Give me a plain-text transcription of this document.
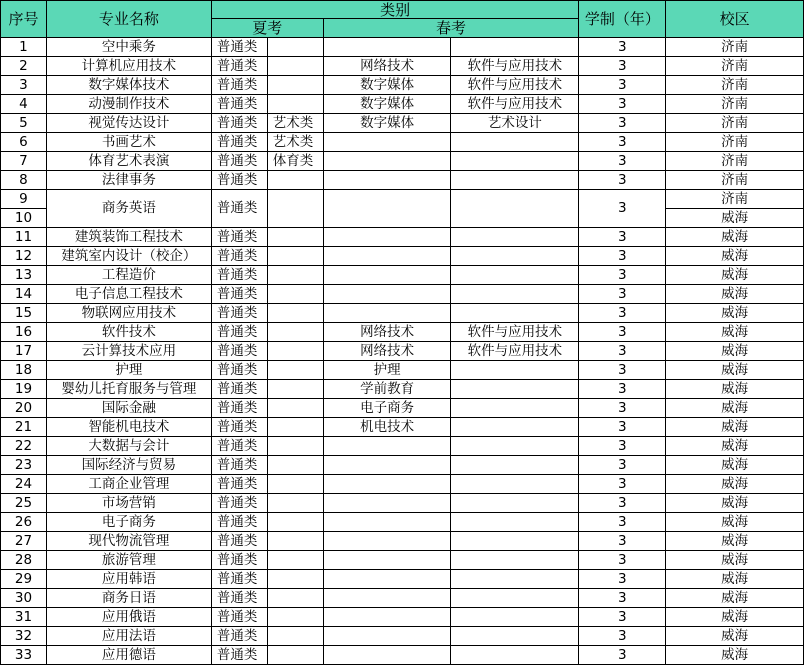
序号	专业名称	类别				学制（年）	校区
		夏考		春考			
1	空中乘务	普通类				3	济南
2	计算机应用技术	普通类		网络技术	软件与应用技术	3	济南
3	数字媒体技术	普通类		数字媒体	软件与应用技术	3	济南
4	动漫制作技术	普通类		数字媒体	软件与应用技术	3	济南
5	视觉传达设计	普通类	艺术类	数字媒体	艺术设计	3	济南
6	书画艺术	普通类	艺术类			3	济南
7	体育艺术表演	普通类	体育类			3	济南
8	法律事务	普通类				3	济南
9	商务英语	普通类				3	济南
10							威海
11	建筑装饰工程技术	普通类				3	威海
12	建筑室内设计（校企）	普通类				3	威海
13	工程造价	普通类				3	威海
14	电子信息工程技术	普通类				3	威海
15	物联网应用技术	普通类				3	威海
16	软件技术	普通类		网络技术	软件与应用技术	3	威海
17	云计算技术应用	普通类		网络技术	软件与应用技术	3	威海
18	护理	普通类		护理		3	威海
19	婴幼儿托育服务与管理	普通类		学前教育		3	威海
20	国际金融	普通类		电子商务		3	威海
21	智能机电技术	普通类		机电技术		3	威海
22	大数据与会计	普通类				3	威海
23	国际经济与贸易	普通类				3	威海
24	工商企业管理	普通类				3	威海
25	市场营销	普通类				3	威海
26	电子商务	普通类				3	威海
27	现代物流管理	普通类				3	威海
28	旅游管理	普通类				3	威海
29	应用韩语	普通类				3	威海
30	商务日语	普通类				3	威海
31	应用俄语	普通类				3	威海
32	应用法语	普通类				3	威海
33	应用德语	普通类				3	威海
